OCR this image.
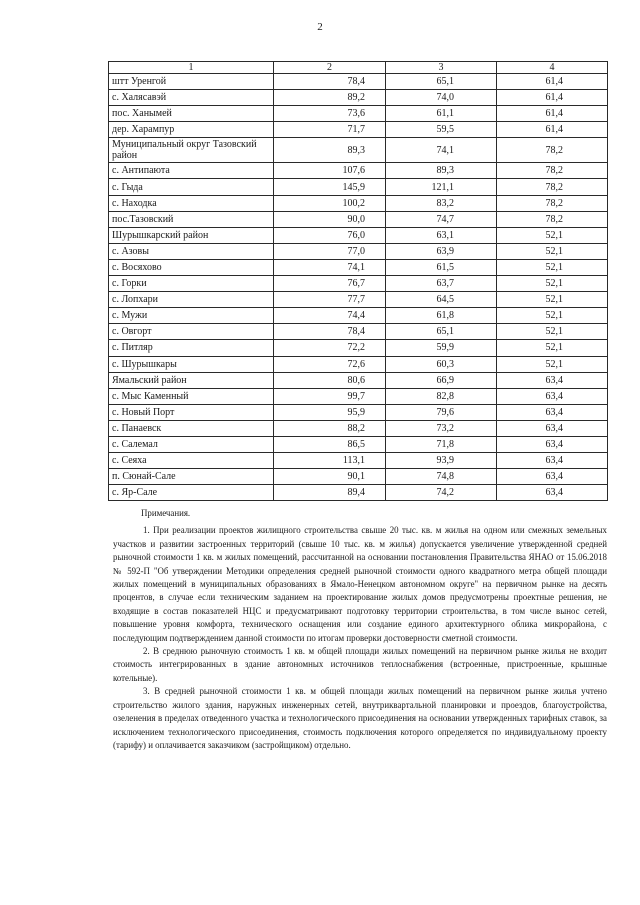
2
1	2	3	4
штт Уренгой	78,4	65,1	61,4
с. Халясавэй	89,2	74,0	61,4
пос. Ханымей	73,6	61,1	61,4
дер. Харампур	71,7	59,5	61,4
Муниципальный округ Тазовский район	89,3	74,1	78,2
с. Антипаюта	107,6	89,3	78,2
с. Гыда	145,9	121,1	78,2
с. Находка	100,2	83,2	78,2
пос.Тазовский	90,0	74,7	78,2
Шурышкарский район	76,0	63,1	52,1
с. Азовы	77,0	63,9	52,1
с. Восяхово	74,1	61,5	52,1
с. Горки	76,7	63,7	52,1
с. Лопхари	77,7	64,5	52,1
с. Мужи	74,4	61,8	52,1
с. Овгорт	78,4	65,1	52,1
с. Питляр	72,2	59,9	52,1
с. Шурышкары	72,6	60,3	52,1
Ямальский район	80,6	66,9	63,4
с. Мыс Каменный	99,7	82,8	63,4
с. Новый Порт	95,9	79,6	63,4
с. Панаевск	88,2	73,2	63,4
с. Салемал	86,5	71,8	63,4
с. Сеяха	113,1	93,9	63,4
п. Сюнай-Сале	90,1	74,8	63,4
с. Яр-Сале	89,4	74,2	63,4

Примечания.

1. При реализации проектов жилищного строительства свыше 20 тыс. кв. м жилья на одном или смежных земельных участков и развитии застроенных территорий (свыше 10 тыс. кв. м жилья) допускается увеличение утвержденной средней рыночной стоимости 1 кв. м жилых помещений, рассчитанной на основании постановления Правительства ЯНАО от 15.06.2018 № 592-П "Об утверждении Методики определения средней рыночной стоимости одного квадратного метра общей площади жилых помещений в муниципальных образованиях в Ямало-Ненецком автономном округе" на первичном рынке на десять процентов, в случае если техническим заданием на проектирование жилых домов предусмотрены проектные решения, не входящие в состав показателей НЦС и предусматривают подготовку территории строительства, в том числе вынос сетей, повышение уровня комфорта, технического оснащения или создание единого архитектурного облика микрорайона, с последующим подтверждением данной стоимости по итогам проверки достоверности сметной стоимости.

2. В среднюю рыночную стоимость 1 кв. м общей площади жилых помещений на первичном рынке жилья не входит стоимость интегрированных в здание автономных источников теплоснабжения (встроенные, пристроенные, крышные котельные).

3. В средней рыночной стоимости 1 кв. м общей площади жилых помещений на первичном рынке жилья учтено строительство жилого здания, наружных инженерных сетей, внутриквартальной планировки и проездов, благоустройства, озеленения в пределах отведенного участка и технологического присоединения на основании утвержденных тарифных ставок, за исключением технологического присоединения, стоимость подключения которого определяется по индивидуальному проекту (тарифу) и оплачивается заказчиком (застройщиком) отдельно.
